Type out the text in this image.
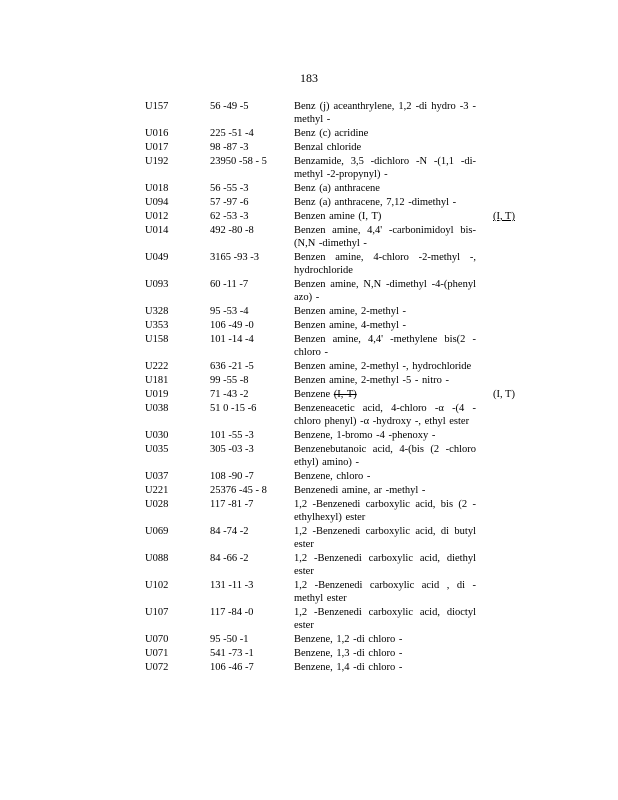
183
U157	56 -49 -5	Benz (j) aceanthrylene, 1,2 -di hydro -3 -methyl -
U016	225 -51 -4	Benz (c) acridine
U017	98 -87 -3	Benzal chloride
U192	23950 -58 - 5	Benzamide, 3,5 -dichloro -N -(1,1 -di-methyl -2-propynyl) -
U018	56 -55 -3	Benz (a) anthracene
U094	57 -97 -6	Benz (a) anthracene, 7,12 -dimethyl -
U012	62 -53 -3	Benzen amine (I, T)	(I, T)
U014	492 -80 -8	Benzen amine, 4,4' -carbonimidoyl bis-(N,N -dimethyl -
U049	3165 -93 -3	Benzen amine, 4-chloro -2-methyl -, hydrochloride
U093	60 -11 -7	Benzen amine, N,N -dimethyl -4-(phenyl azo) -
U328	95 -53 -4	Benzen amine, 2-methyl -
U353	106 -49 -0	Benzen amine, 4-methyl -
U158	101 -14 -4	Benzen amine, 4,4' -methylene bis(2 -chloro -
U222	636 -21 -5	Benzen amine, 2-methyl -, hydrochloride
U181	99 -55 -8	Benzen amine, 2-methyl -5 - nitro -
U019	71 -43 -2	Benzene (I, T)	(I, T)
U038	51 0 -15 -6	Benzeneacetic acid, 4-chloro -α -(4 -chloro phenyl) -α -hydroxy -, ethyl ester
U030	101 -55 -3	Benzene, 1-bromo -4 -phenoxy -
U035	305 -03 -3	Benzenebutanoic acid, 4-(bis (2 -chloro ethyl) amino) -
U037	108 -90 -7	Benzene, chloro -
U221	25376 -45 - 8	Benzenedi amine, ar -methyl -
U028	117 -81 -7	1,2 -Benzenedi carboxylic acid, bis (2 -ethylhexyl) ester
U069	84 -74 -2	1,2 -Benzenedi carboxylic acid, di butyl ester
U088	84 -66 -2	1,2 -Benzenedi carboxylic acid, diethyl ester
U102	131 -11 -3	1,2 -Benzenedi carboxylic acid , di -methyl ester
U107	117 -84 -0	1,2 -Benzenedi carboxylic acid, dioctyl ester
U070	95 -50 -1	Benzene, 1,2 -di chloro -
U071	541 -73 -1	Benzene, 1,3 -di chloro -
U072	106 -46 -7	Benzene, 1,4 -di chloro -
